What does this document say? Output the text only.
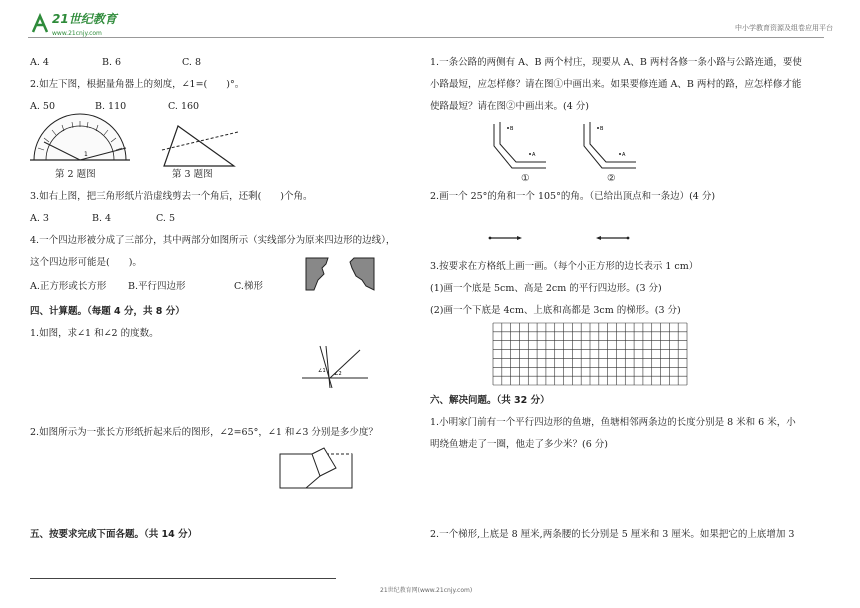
21世纪教育
www.21cnjy.com
中小学教育资源及组卷应用平台
A. 4	B. 6	C. 8
2.如左下图，根据量角器上的刻度，∠1=(　　)°。
A. 50	B. 110	C. 160
1
第 2 题图	第 3 题图
3.如右上图，把三角形纸片沿虚线剪去一个角后，还剩(　　)个角。
A. 3	B. 4	C. 5
4.一个四边形被分成了三部分，其中两部分如图所示（实线部分为原来四边形的边线），
这个四边形可能是(　　)。
A.正方形或长方形 B.平行四边形	C.梯形
四、计算题。（每题 4 分，共 8 分）
1.如图，求∠1 和∠2 的度数。
∠1 ∠2
2.如图所示为一张长方形纸折起来后的图形，∠2=65°，∠1 和∠3 分别是多少度？
五、按要求完成下面各题。（共 14 分）
1.一条公路的两侧有 A、B 两个村庄，现要从 A、B 两村各修一条小路与公路连通，要使
小路最短，应怎样修？请在图①中画出来。如果要修连通 A、B 两村的路，应怎样修才能
使路最短？请在图②中画出来。(4 分)
B
A
①
B
A
②
2.画一个 25°的角和一个 105°的角。（已给出顶点和一条边）(4 分)
3.按要求在方格纸上画一画。（每个小正方形的边长表示 1 cm）
(1)画一个底是 5cm、高是 2cm 的平行四边形。(3 分)
(2)画一个下底是 4cm、上底和高都是 3cm 的梯形。(3 分)
六、解决问题。（共 32 分）
1.小明家门前有一个平行四边形的鱼塘，鱼塘相邻两条边的长度分别是 8 米和 6 米，小
明绕鱼塘走了一圈，他走了多少米？(6 分)
2.一个梯形,上底是 8 厘米,两条腰的长分别是 5 厘米和 3 厘米。如果把它的上底增加 3
21世纪教育网(www.21cnjy.com)
